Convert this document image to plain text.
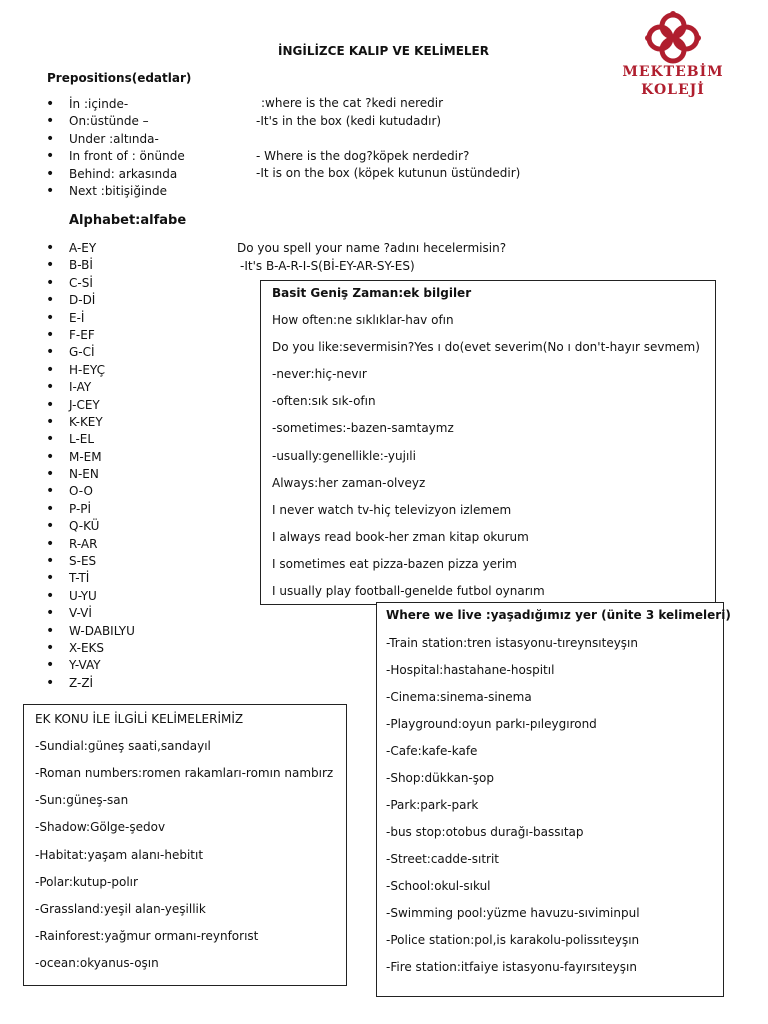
İNGİLİZCE KALIP VE KELİMELER
MEKTEBİM
KOLEJİ
Prepositions(edatlar)
• İn :içinde-
• On:üstünde –
• Under :altında-
• In front of : önünde
• Behind: arkasında
• Next :bitişiğinde
:where is the cat ?kedi neredir
-It's in the box (kedi kutudadır)
- Where is the dog?köpek nerdedir?
-It is on the box (köpek kutunun üstündedir)
Alphabet:alfabe
• A-EY
• B-Bİ
• C-Sİ
• D-Dİ
• E-İ
• F-EF
• G-Cİ
• H-EYÇ
• I-AY
• J-CEY
• K-KEY
• L-EL
• M-EM
• N-EN
• O-O
• P-Pİ
• Q-KÜ
• R-AR
• S-ES
• T-Tİ
• U-YU
• V-Vİ
• W-DABILYU
• X-EKS
• Y-VAY
• Z-Zİ
Do you spell your name ?adını hecelermisin?
-It's B-A-R-I-S(Bİ-EY-AR-SY-ES)
Basit Geniş Zaman:ek bilgiler
How often:ne sıklıklar-hav ofın
Do you like:severmisin?Yes ı do(evet severim(No ı don't-hayır sevmem)
-never:hiç-nevır
-often:sık sık-ofın
-sometimes:-bazen-samtaymz
-usually:genellikle:-yujıli
Always:her zaman-olveyz
I never watch tv-hiç televizyon izlemem
I always read book-her zman kitap okurum
I sometimes eat pizza-bazen pizza yerim
I usually play football-genelde futbol oynarım
Where we live :yaşadığımız yer (ünite 3 kelimeleri)
-Train station:tren istasyonu-tıreynsıteyşın
-Hospital:hastahane-hospitıl
-Cinema:sinema-sinema
-Playground:oyun parkı-pıleygırond
-Cafe:kafe-kafe
-Shop:dükkan-şop
-Park:park-park
-bus stop:otobus durağı-bassıtap
-Street:cadde-sıtrit
-School:okul-sıkul
-Swimming pool:yüzme havuzu-sıviminpul
-Police station:pol,is karakolu-polissıteyşın
-Fire station:itfaiye istasyonu-fayırsıteyşın
EK KONU İLE İLGİLİ KELİMELERİMİZ
-Sundial:güneş saati,sandayıl
-Roman numbers:romen rakamları-romın nambırz
-Sun:güneş-san
-Shadow:Gölge-şedov
-Habitat:yaşam alanı-hebitıt
-Polar:kutup-polır
-Grassland:yeşil alan-yeşillik
-Rainforest:yağmur ormanı-reynforıst
-ocean:okyanus-oşın
